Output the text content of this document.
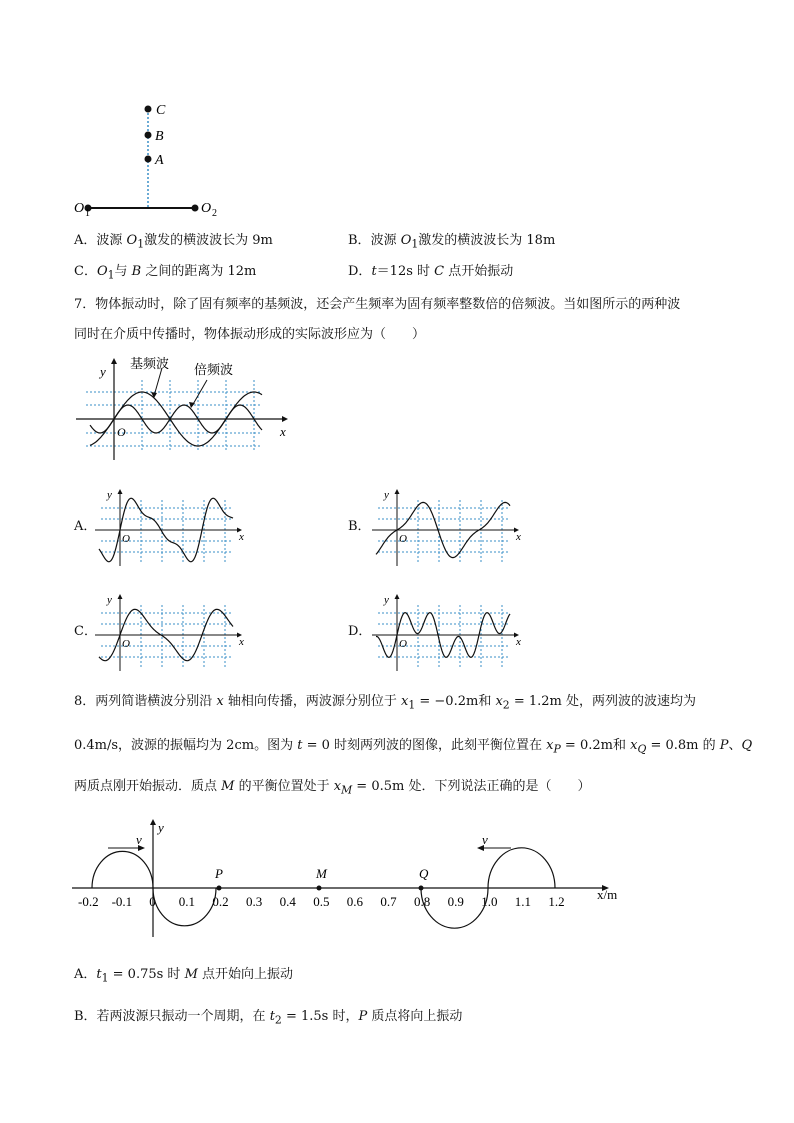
C
B
A
O 1	O 2
A．波源 $O_1$激发的横波波长为 9m	B．波源 $O_1$激发的横波波长为 18m
C．$O_1$与 B 之间的距离为 12m	D．t＝12s 时 C 点开始振动
7．物体振动时，除了固有频率的基频波，还会产生频率为固有频率整数倍的倍频波。当如图所示的两种波
同时在介质中传播时，物体振动形成的实际波形应为（　　）
基频波 倍频波
y
x
O
A．	B．
C．	D．
y
x
O
y
x
O
y
x
O
y
x
O
8．两列简谐横波分别沿 x 轴相向传播，两波源分别位于 $x_1 = -0.2m$和 $x_2 = 1.2m$ 处，两列波的波速均为
0.4m/s，波源的振幅均为 2cm。图为 t = 0 时刻两列波的图像，此刻平衡位置在 $x_P = 0.2m$和 $x_Q = 0.8m$ 的 P、Q
两质点刚开始振动．质点 M 的平衡位置处于 $x_M = 0.5m$ 处．下列说法正确的是（　　）
y
x/m
-0.2 -0.1 0 0.1 0.2 0.3 0.4 0.5 0.6 0.7 0.8 0.9 1.0 1.1 1.2
v	v
P	M	Q
A．$t_1 = 0.75s$ 时 M 点开始向上振动
B．若两波源只振动一个周期，在 $t_2 = 1.5s$ 时，P 质点将向上振动
